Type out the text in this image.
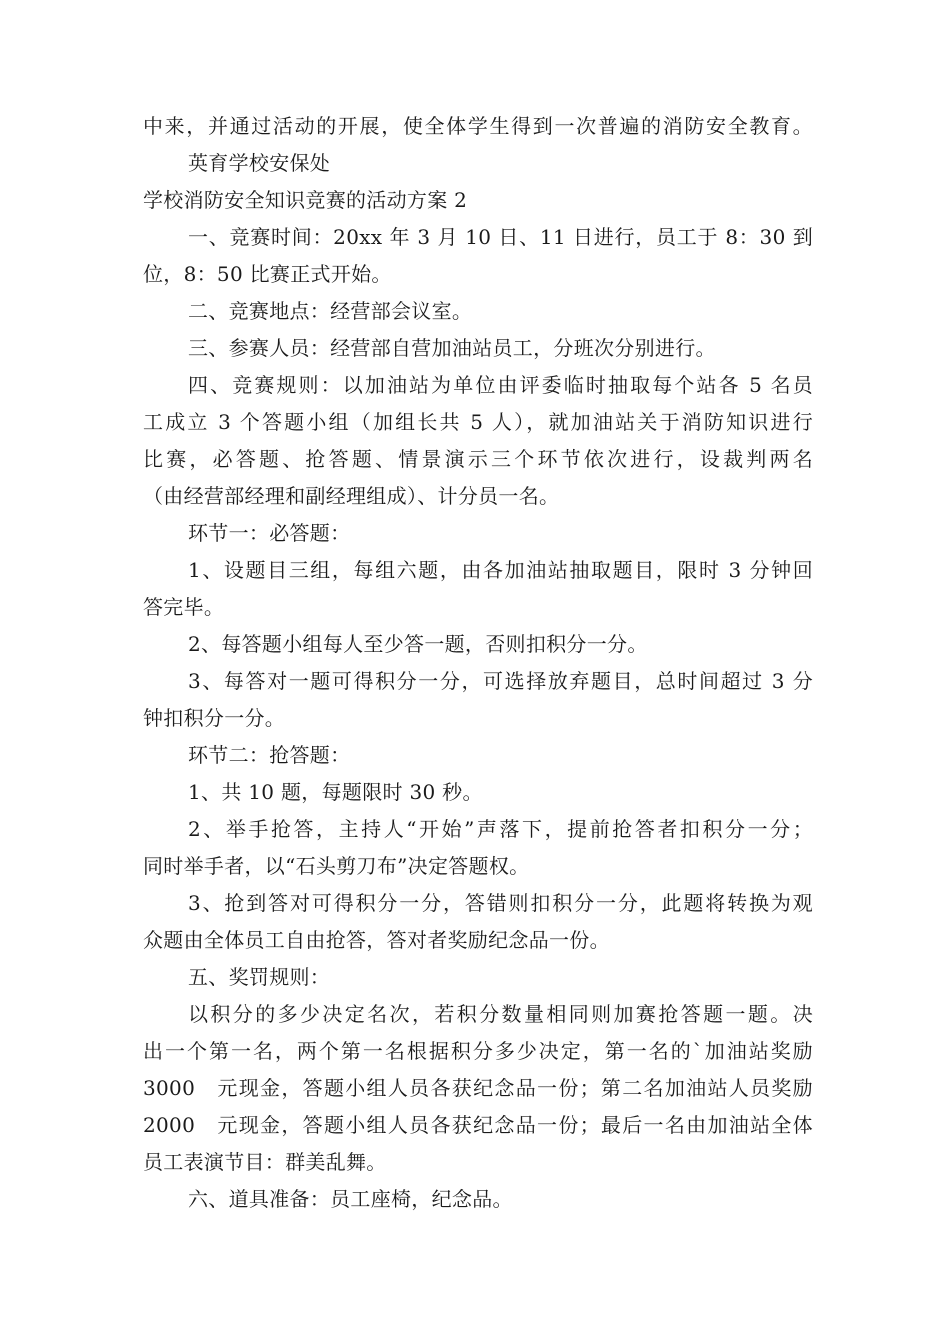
中来，并通过活动的开展，使全体学生得到一次普遍的消防安全教育。
英育学校安保处
学校消防安全知识竞赛的活动方案 2
一、竞赛时间：20xx 年 3 月 10 日、11 日进行，员工于 8：30 到
位，8：50 比赛正式开始。
二、竞赛地点：经营部会议室。
三、参赛人员：经营部自营加油站员工，分班次分别进行。
四、竞赛规则：以加油站为单位由评委临时抽取每个站各 5 名员
工成立 3 个答题小组（加组长共 5 人），就加油站关于消防知识进行
比赛，必答题、抢答题、情景演示三个环节依次进行，设裁判两名
（由经营部经理和副经理组成）、计分员一名。
环节一：必答题：
1、设题目三组，每组六题，由各加油站抽取题目，限时 3 分钟回
答完毕。
2、每答题小组每人至少答一题，否则扣积分一分。
3、每答对一题可得积分一分，可选择放弃题目，总时间超过 3 分
钟扣积分一分。
环节二：抢答题：
1、共 10 题，每题限时 30 秒。
2、举手抢答，主持人“开始”声落下，提前抢答者扣积分一分；
同时举手者，以“石头剪刀布”决定答题权。
3、抢到答对可得积分一分，答错则扣积分一分，此题将转换为观
众题由全体员工自由抢答，答对者奖励纪念品一份。
五、奖罚规则：
以积分的多少决定名次，若积分数量相同则加赛抢答题一题。决
出一个第一名，两个第一名根据积分多少决定，第一名的`加油站奖励
3000　元现金，答题小组人员各获纪念品一份；第二名加油站人员奖励
2000　元现金，答题小组人员各获纪念品一份；最后一名由加油站全体
员工表演节目：群美乱舞。
六、道具准备：员工座椅，纪念品。
